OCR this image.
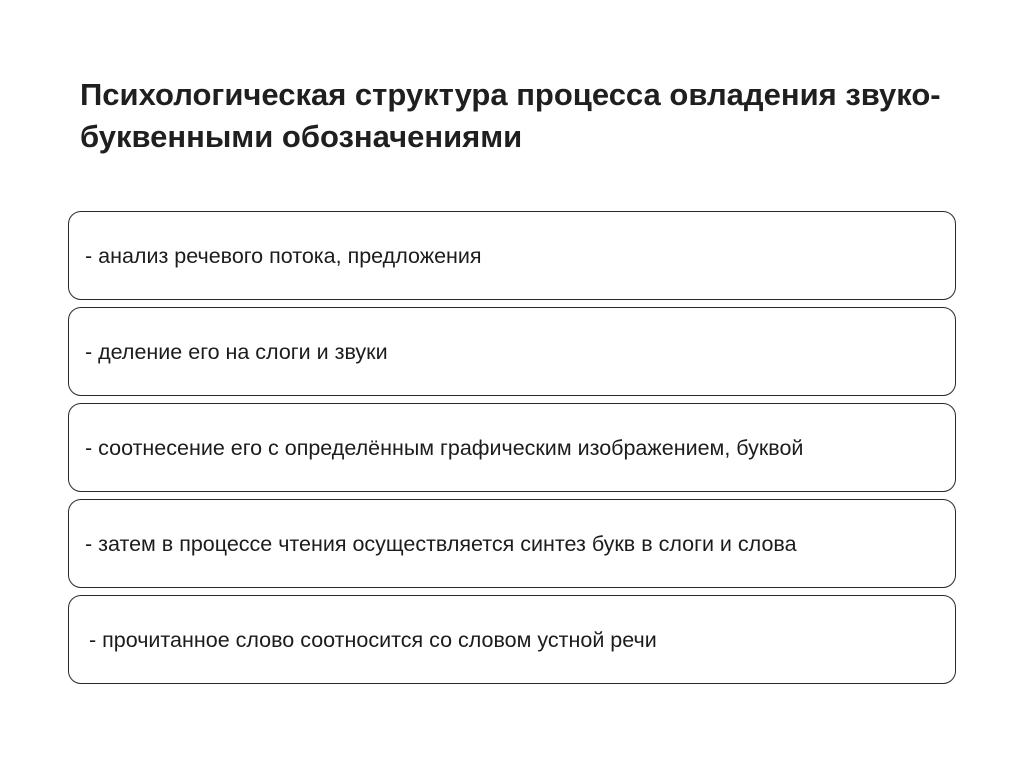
Психологическая структура процесса овладения звуко-буквенными обозначениями
- анализ речевого потока, предложения
- деление его на слоги и звуки
- соотнесение его с определённым графическим изображением, буквой
- затем в процессе чтения осуществляется синтез букв в слоги и слова
- прочитанное слово соотносится со словом устной речи
